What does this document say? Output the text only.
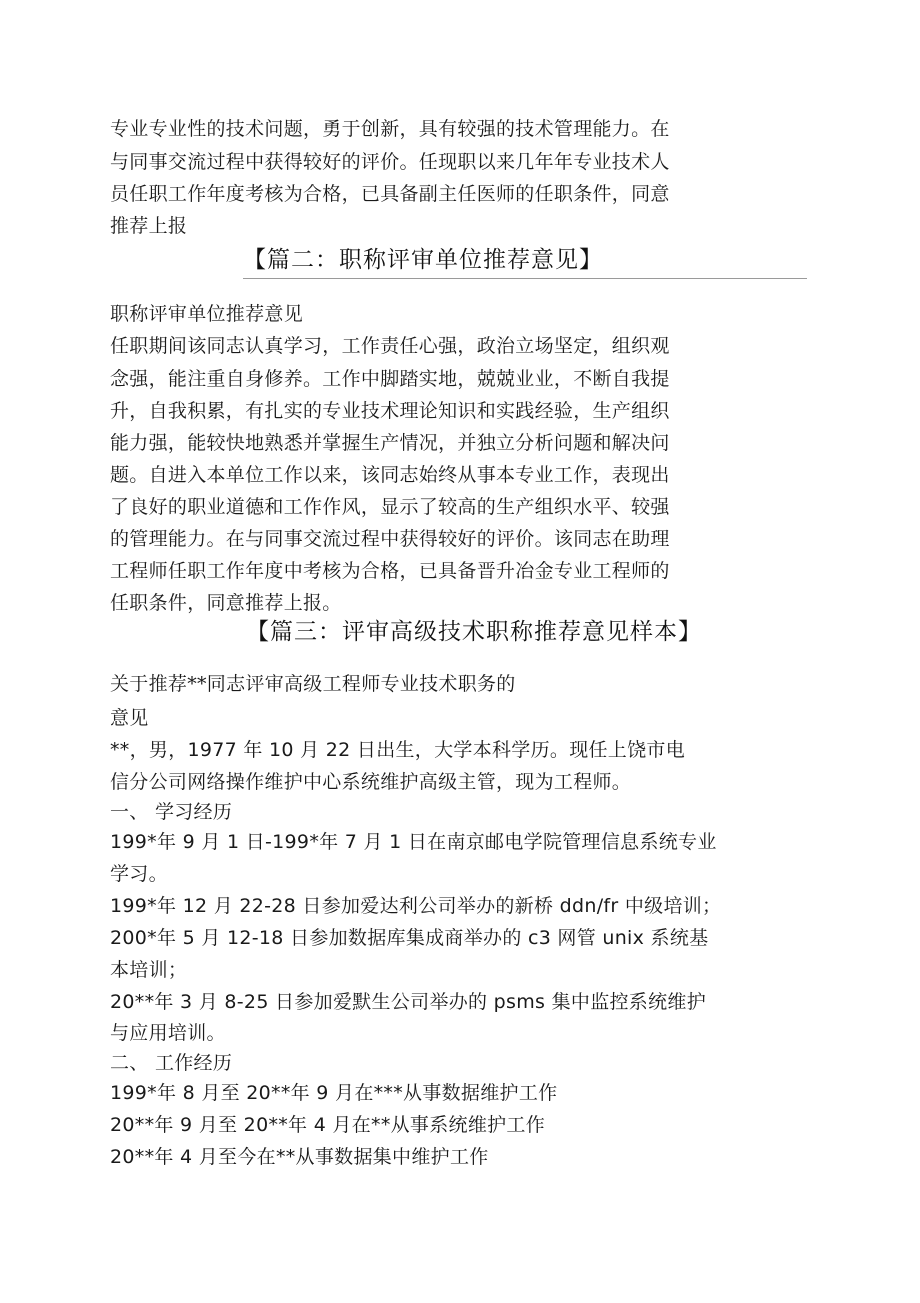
专业专业性的技术问题，勇于创新，具有较强的技术管理能力。在
与同事交流过程中获得较好的评价。任现职以来几年年专业技术人
员任职工作年度考核为合格，已具备副主任医师的任职条件，同意
推荐上报
【篇二：职称评审单位推荐意见】
职称评审单位推荐意见
任职期间该同志认真学习，工作责任心强，政治立场坚定，组织观
念强，能注重自身修养。工作中脚踏实地，兢兢业业，不断自我提
升，自我积累，有扎实的专业技术理论知识和实践经验，生产组织
能力强，能较快地熟悉并掌握生产情况，并独立分析问题和解决问
题。自进入本单位工作以来，该同志始终从事本专业工作，表现出
了良好的职业道德和工作作风，显示了较高的生产组织水平、较强
的管理能力。在与同事交流过程中获得较好的评价。该同志在助理
工程师任职工作年度中考核为合格，已具备晋升冶金专业工程师的
任职条件，同意推荐上报。
【篇三：评审高级技术职称推荐意见样本】
关于推荐**同志评审高级工程师专业技术职务的
意见
**，男，1977 年 10 月 22 日出生，大学本科学历。现任上饶市电
信分公司网络操作维护中心系统维护高级主管，现为工程师。
一、 学习经历
199*年 9 月 1 日-199*年 7 月 1 日在南京邮电学院管理信息系统专业
学习。
199*年 12 月 22-28 日参加爱达利公司举办的新桥 ddn/fr 中级培训；
200*年 5 月 12-18 日参加数据库集成商举办的 c3 网管 unix 系统基
本培训；
20**年 3 月 8-25 日参加爱默生公司举办的 psms 集中监控系统维护
与应用培训。
二、 工作经历
199*年 8 月至 20**年 9 月在***从事数据维护工作
20**年 9 月至 20**年 4 月在**从事系统维护工作
20**年 4 月至今在**从事数据集中维护工作
